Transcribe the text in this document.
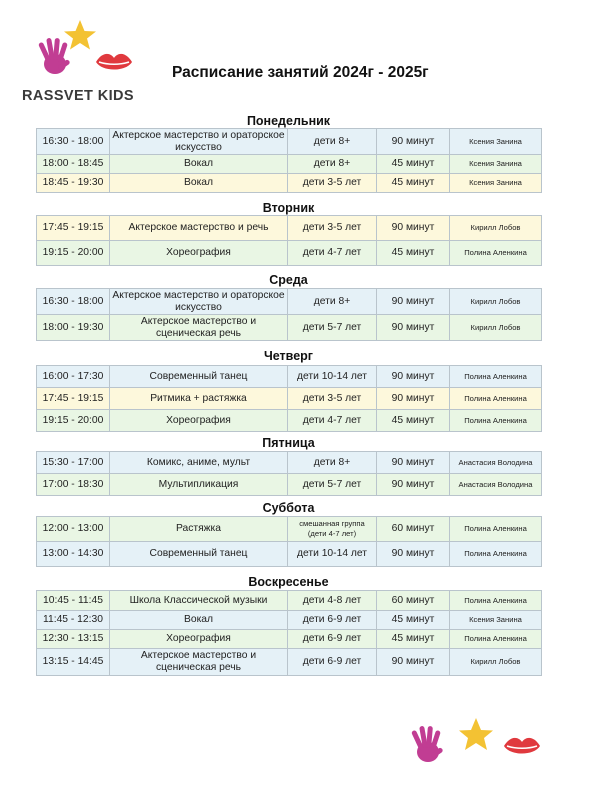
RASSVET KIDS
Расписание занятий 2024г - 2025г
Понедельник
16:30 - 18:00	Актерское мастерство и ораторское искусство	дети 8+	90 минут	Ксения Занина
18:00 - 18:45	Вокал	дети 8+	45 минут	Ксения Занина
18:45 - 19:30	Вокал	дети 3-5 лет	45 минут	Ксения Занина
Вторник
17:45 - 19:15	Актерское мастерство и речь	дети 3-5 лет	90 минут	Кирилл Лобов
19:15 - 20:00	Хореография	дети 4-7 лет	45 минут	Полина Аленкина
Среда
16:30 - 18:00	Актерское мастерство и ораторское искусство	дети 8+	90 минут	Кирилл Лобов
18:00 - 19:30	Актерское мастерство и сценическая речь	дети 5-7 лет	90 минут	Кирилл Лобов
Четверг
16:00 - 17:30	Современный танец	дети 10-14 лет	90 минут	Полина Аленкина
17:45 - 19:15	Ритмика + растяжка	дети 3-5 лет	90 минут	Полина Аленкина
19:15 - 20:00	Хореография	дети 4-7 лет	45 минут	Полина Аленкина
Пятница
15:30 - 17:00	Комикс, аниме, мульт	дети 8+	90 минут	Анастасия Володина
17:00 - 18:30	Мультипликация	дети 5-7 лет	90 минут	Анастасия Володина
Суббота
12:00 - 13:00	Растяжка	смешанная группа (дети 4-7 лет)	60 минут	Полина Аленкина
13:00 - 14:30	Современный танец	дети 10-14 лет	90 минут	Полина Аленкина
Воскресенье
10:45 - 11:45	Школа Классической музыки	дети 4-8 лет	60 минут	Полина Аленкина
11:45 - 12:30	Вокал	дети 6-9 лет	45 минут	Ксения Занина
12:30 - 13:15	Хореография	дети 6-9 лет	45 минут	Полина Аленкина
13:15 - 14:45	Актерское мастерство и сценическая речь	дети 6-9 лет	90 минут	Кирилл Лобов
